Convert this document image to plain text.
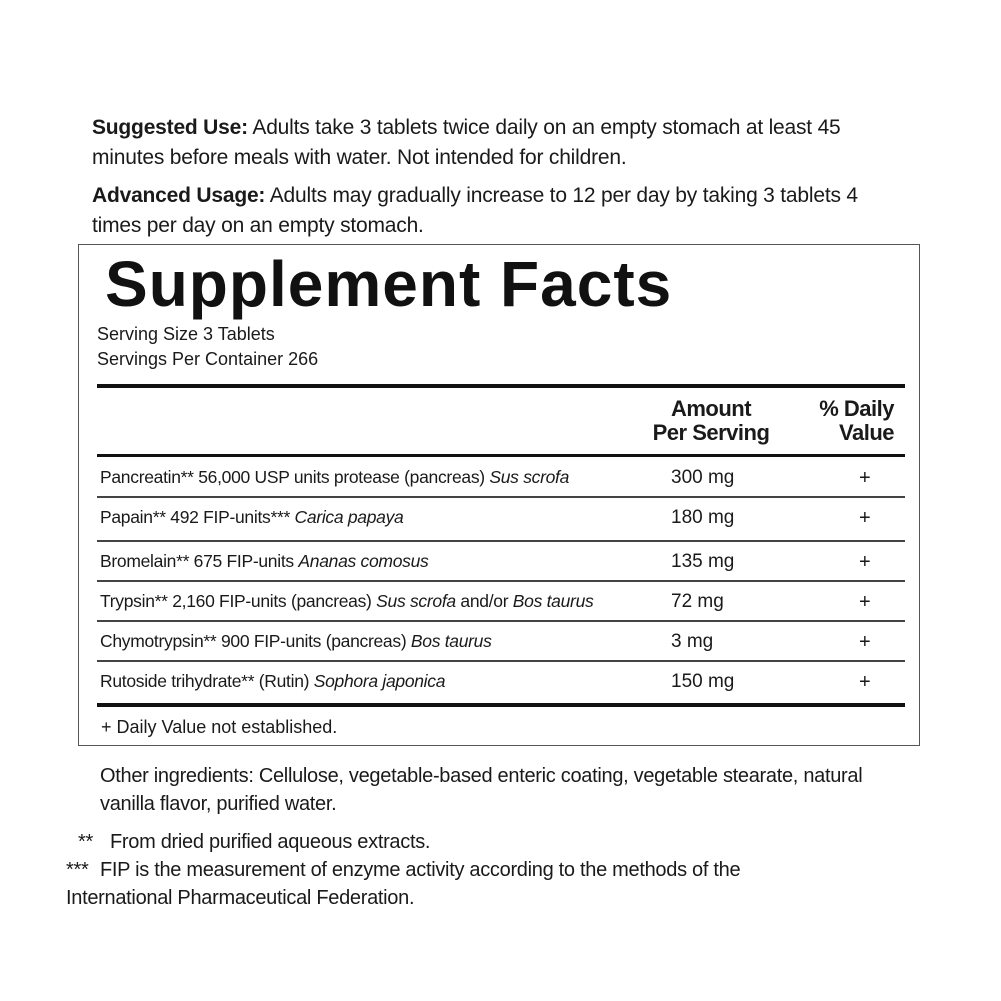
Suggested Use: Adults take 3 tablets twice daily on an empty stomach at least 45 minutes before meals with water. Not intended for children.
Advanced Usage: Adults may gradually increase to 12 per day by taking 3 tablets 4 times per day on an empty stomach.
Supplement Facts
Serving Size 3 Tablets
Servings Per Container 266
Amount
Per Serving
% Daily
Value
Pancreatin** 56,000 USP units protease (pancreas) Sus scrofa	300 mg	+
Papain** 492 FIP-units*** Carica papaya	180 mg	+
Bromelain** 675 FIP-units Ananas comosus	135 mg	+
Trypsin** 2,160 FIP-units (pancreas) Sus scrofa and/or Bos taurus	72 mg	+
Chymotrypsin** 900 FIP-units (pancreas) Bos taurus	3 mg	+
Rutoside trihydrate** (Rutin) Sophora japonica	150 mg	+
+ Daily Value not established.
Other ingredients: Cellulose, vegetable-based enteric coating, vegetable stearate, natural vanilla flavor, purified water.
** From dried purified aqueous extracts.
*** FIP is the measurement of enzyme activity according to the methods of the International Pharmaceutical Federation.
